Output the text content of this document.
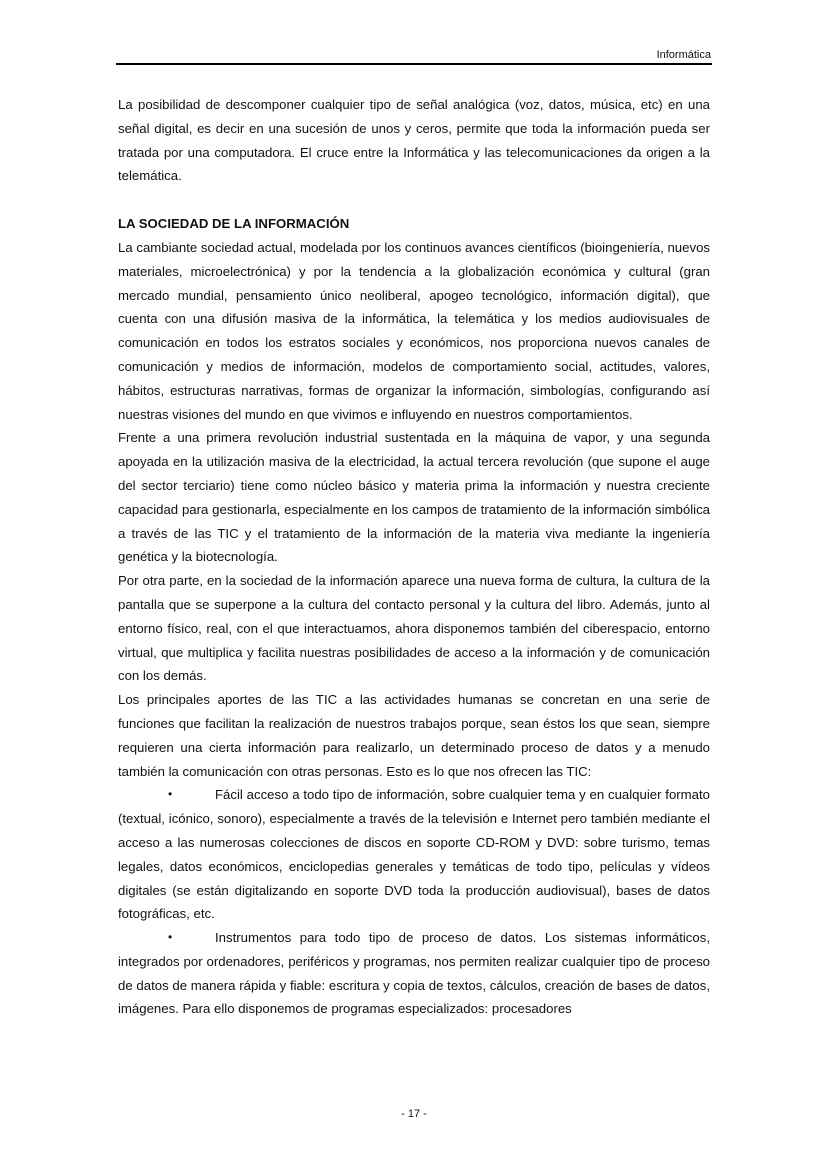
Informática

La posibilidad de descomponer cualquier tipo de señal analógica (voz, datos, música, etc) en una señal digital, es decir en una sucesión de unos y ceros, permite que toda la información pueda ser tratada por una computadora. El cruce entre la Informática y las telecomunicaciones da origen a la telemática.

LA SOCIEDAD DE LA INFORMACIÓN

La cambiante sociedad actual, modelada por los continuos avances científicos (bioingeniería, nuevos materiales, microelectrónica) y por la tendencia a la globalización económica y cultural (gran mercado mundial, pensamiento único neoliberal, apogeo tecnológico, información digital), que cuenta con una difusión masiva de la informática, la telemática y los medios audiovisuales de comunicación en todos los estratos sociales y económicos, nos proporciona nuevos canales de comunicación y medios de información, modelos de comportamiento social, actitudes, valores, hábitos, estructuras narrativas, formas de organizar la información, simbologías, configurando así nuestras visiones del mundo en que vivimos e influyendo en nuestros comportamientos.

Frente a una primera revolución industrial sustentada en la máquina de vapor, y una segunda apoyada en la utilización masiva de la electricidad, la actual tercera revolución (que supone el auge del sector terciario) tiene como núcleo básico y materia prima la información y nuestra creciente capacidad para gestionarla, especialmente en los campos de tratamiento de la información simbólica a través de las TIC y el tratamiento de la información de la materia viva mediante la ingeniería genética y la biotecnología.

Por otra parte, en la sociedad de la información aparece una nueva forma de cultura, la cultura de la pantalla que se superpone a la cultura del contacto personal y la cultura del libro. Además, junto al entorno físico, real, con el que interactuamos, ahora disponemos también del ciberespacio, entorno virtual, que multiplica y facilita nuestras posibilidades de acceso a la información y de comunicación con los demás.

Los principales aportes de las TIC a las actividades humanas se concretan en una serie de funciones que facilitan la realización de nuestros trabajos porque, sean éstos los que sean, siempre requieren una cierta información para realizarlo, un determinado proceso de datos y a menudo también la comunicación con otras personas. Esto es lo que nos ofrecen las TIC:

•	Fácil acceso a todo tipo de información, sobre cualquier tema y en cualquier formato (textual, icónico, sonoro), especialmente a través de la televisión e Internet pero también mediante el acceso a las numerosas colecciones de discos en soporte CD-ROM y DVD: sobre turismo, temas legales, datos económicos, enciclopedias generales y temáticas de todo tipo, películas y vídeos digitales (se están digitalizando en soporte DVD toda la producción audiovisual), bases de datos fotográficas, etc.

•	Instrumentos para todo tipo de proceso de datos. Los sistemas informáticos, integrados por ordenadores, periféricos y programas, nos permiten realizar cualquier tipo de proceso de datos de manera rápida y fiable: escritura y copia de textos, cálculos, creación de bases de datos, imágenes. Para ello disponemos de programas especializados: procesadores

- 17 -
